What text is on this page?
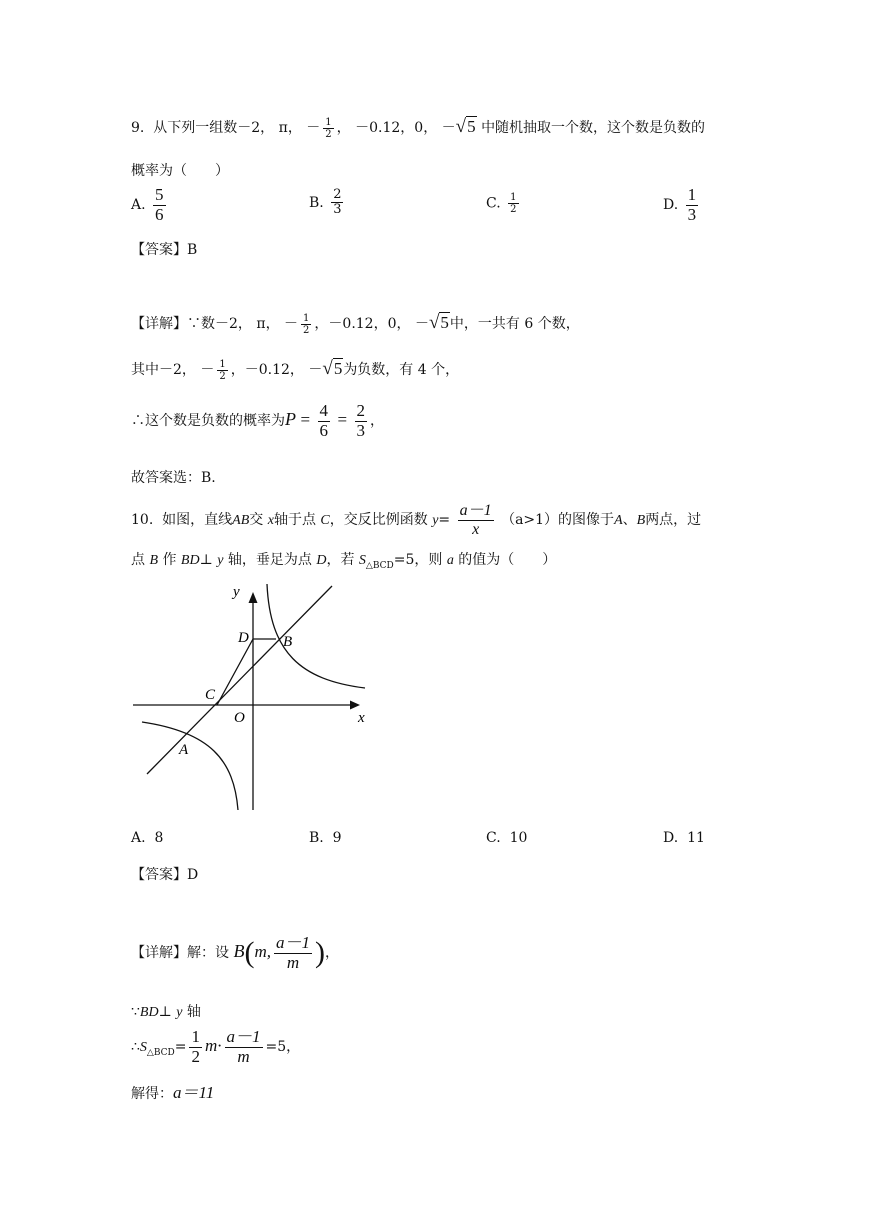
9. 从下列一组数－2， π， － $\frac{1}{2}$ ， －0.12，0， －√5 中随机抽取一个数，这个数是负数的
概率为（　　）
A. $\frac{5}{6}$	B. $\frac{2}{3}$	C. $\frac{1}{2}$	D. $\frac{1}{3}$
【答案】B
【详解】∵数－2， π， － $\frac{1}{2}$ ，－0.12，0， －√5中，一共有 6 个数，
其中－2， － $\frac{1}{2}$ ，－0.12， －√5为负数，有 4 个，
∴这个数是负数的概率为$P = \frac{4}{6} = \frac{2}{3}$ ，
故答案选：B.
10. 如图，直线AB交 x轴于点 C，交反比例函数 $y= \frac{a-1}{x} (a>1)$的图像于A、B两点，过
点 B 作 BD⊥ y 轴，垂足为点 D，若 $S_{\triangle BCD}=5$，则 a 的值为（　　）
y
D B
C
O	x
A
A. 8	B. 9	C. 10	D. 11
【答案】D
【详解】解：设 B(m, $\frac{a-1}{m}$ )，
∵BD⊥ y 轴
$\therefore S_{\triangle BCD}= \frac{1}{2} m\cdot \frac{a-1}{m} =5$，
解得：a＝11
